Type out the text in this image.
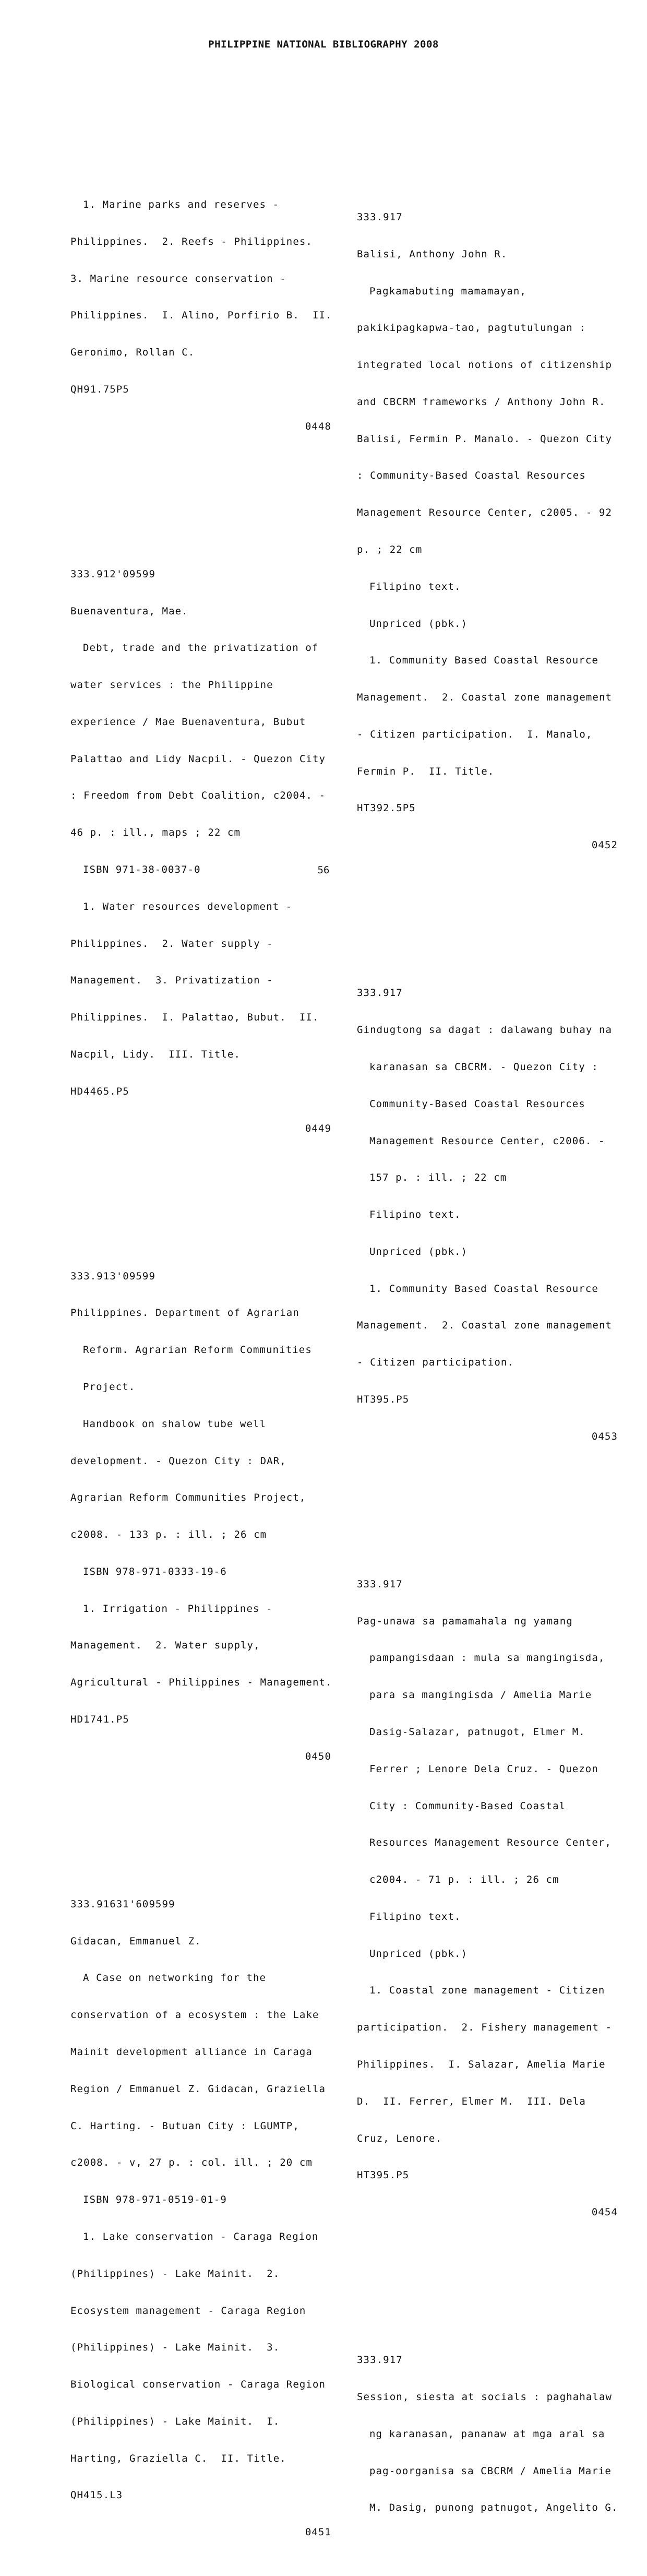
PHILIPPINE NATIONAL BIBLIOGRAPHY 2008

1. Marine parks and reserves -

Philippines.  2. Reefs - Philippines.

3. Marine resource conservation -

Philippines.  I. Alino, Porfirio B.  II.

Geronimo, Rollan C.

QH91.75P5

0448

333.912'09599

Buenaventura, Mae.

Debt, trade and the privatization of

water services : the Philippine

experience / Mae Buenaventura, Bubut

Palattao and Lidy Nacpil. - Quezon City

: Freedom from Debt Coalition, c2004. -

46 p. : ill., maps ; 22 cm

ISBN 971-38-0037-0

1. Water resources development -

Philippines.  2. Water supply -

Management.  3. Privatization -

Philippines.  I. Palattao, Bubut.  II.

Nacpil, Lidy.  III. Title.

HD4465.P5

0449

333.913'09599

Philippines. Department of Agrarian

Reform. Agrarian Reform Communities

Project.

Handbook on shalow tube well

development. - Quezon City : DAR,

Agrarian Reform Communities Project,

c2008. - 133 p. : ill. ; 26 cm

ISBN 978-971-0333-19-6

1. Irrigation - Philippines -

Management.  2. Water supply,

Agricultural - Philippines - Management.

HD1741.P5

0450

333.91631'609599

Gidacan, Emmanuel Z.

A Case on networking for the

conservation of a ecosystem : the Lake

Mainit development alliance in Caraga

Region / Emmanuel Z. Gidacan, Graziella

C. Harting. - Butuan City : LGUMTP,

c2008. - v, 27 p. : col. ill. ; 20 cm

ISBN 978-971-0519-01-9

1. Lake conservation - Caraga Region

(Philippines) - Lake Mainit.  2.

Ecosystem management - Caraga Region

(Philippines) - Lake Mainit.  3.

Biological conservation - Caraga Region

(Philippines) - Lake Mainit.  I.

Harting, Graziella C.  II. Title.

QH415.L3

0451

333.917

Balisi, Anthony John R.

Pagkamabuting mamamayan,

pakikipagkapwa-tao, pagtutulungan :

integrated local notions of citizenship

and CBCRM frameworks / Anthony John R.

Balisi, Fermin P. Manalo. - Quezon City

: Community-Based Coastal Resources

Management Resource Center, c2005. - 92

p. ; 22 cm

Filipino text.

Unpriced (pbk.)

1. Community Based Coastal Resource

Management.  2. Coastal zone management

- Citizen participation.  I. Manalo,

Fermin P.  II. Title.

HT392.5P5

0452

333.917

Gindugtong sa dagat : dalawang buhay na

karanasan sa CBCRM. - Quezon City :

Community-Based Coastal Resources

Management Resource Center, c2006. -

157 p. : ill. ; 22 cm

Filipino text.

Unpriced (pbk.)

1. Community Based Coastal Resource

Management.  2. Coastal zone management

- Citizen participation.

HT395.P5

0453

333.917

Pag-unawa sa pamamahala ng yamang

pampangisdaan : mula sa mangingisda,

para sa mangingisda / Amelia Marie

Dasig-Salazar, patnugot, Elmer M.

Ferrer ; Lenore Dela Cruz. - Quezon

City : Community-Based Coastal

Resources Management Resource Center,

c2004. - 71 p. : ill. ; 26 cm

Filipino text.

Unpriced (pbk.)

1. Coastal zone management - Citizen

participation.  2. Fishery management -

Philippines.  I. Salazar, Amelia Marie

D.  II. Ferrer, Elmer M.  III. Dela

Cruz, Lenore.

HT395.P5

0454

333.917

Session, siesta at socials : paghahalaw

ng karanasan, pananaw at mga aral sa

pag-oorganisa sa CBCRM / Amelia Marie

M. Dasig, punong patnugot, Angelito G.

56
